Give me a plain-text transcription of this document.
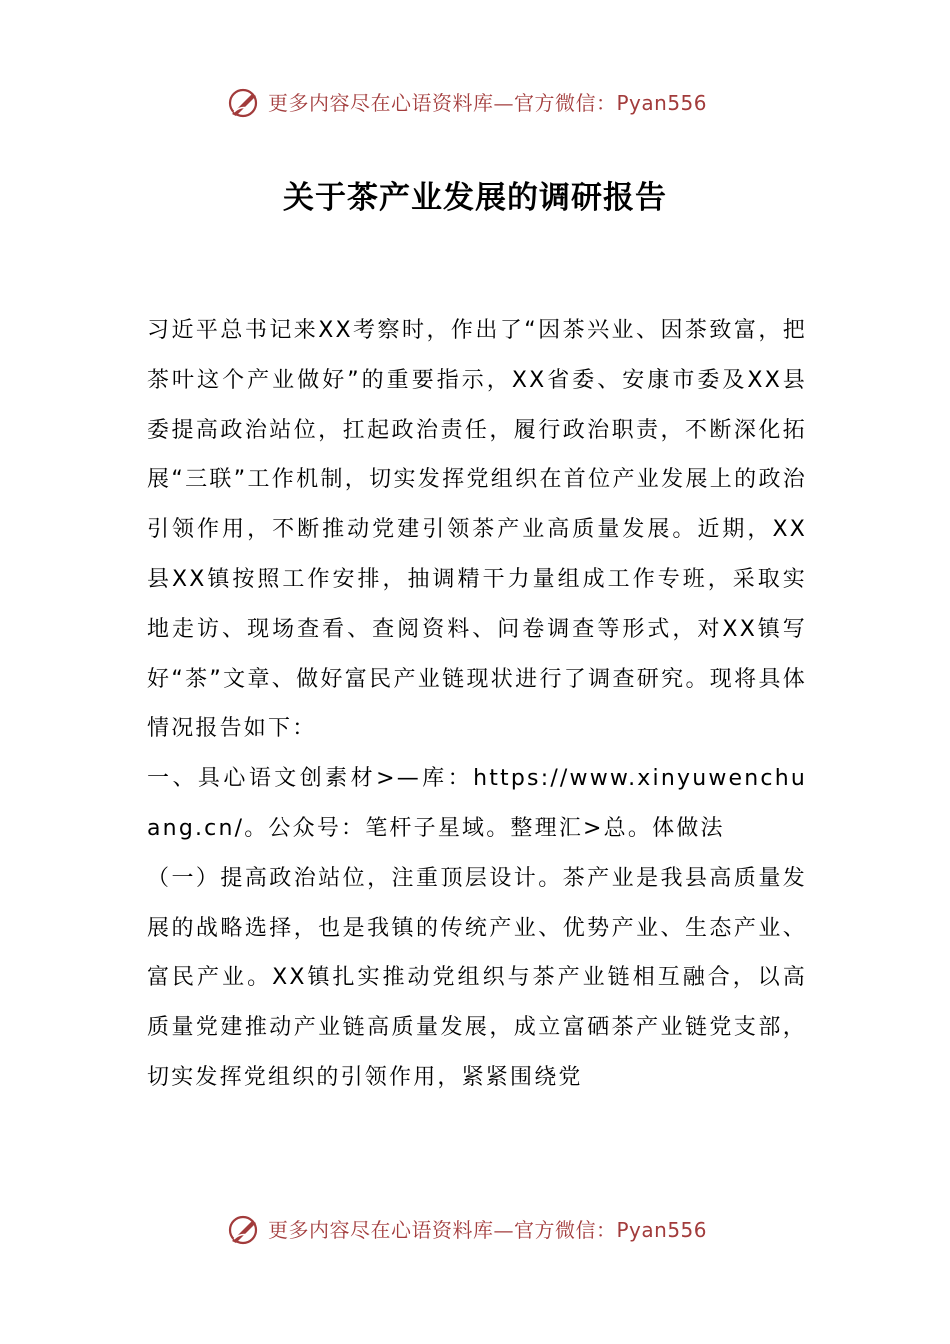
更多内容尽在心语资料库—官方微信：Pyan556
关于茶产业发展的调研报告

习近平总书记来XX考察时，作出了“因茶兴业、因茶致富，把茶叶这个产业做好”的重要指示，XX省委、安康市委及XX县委提高政治站位，扛起政治责任，履行政治职责，不断深化拓展“三联”工作机制，切实发挥党组织在首位产业发展上的政治引领作用，不断推动党建引领茶产业高质量发展。近期，XX县XX镇按照工作安排，抽调精干力量组成工作专班，采取实地走访、现场查看、查阅资料、问卷调查等形式，对XX镇写好“茶”文章、做好富民产业链现状进行了调查研究。现将具体情况报告如下：

一、具心语文创素材>—库：https://www.xinyuwenchuang.cn/。公众号：笔杆子星域。整理汇>总。体做法

（一）提高政治站位，注重顶层设计。茶产业是我县高质量发展的战略选择，也是我镇的传统产业、优势产业、生态产业、富民产业。XX镇扎实推动党组织与茶产业链相互融合，以高质量党建推动产业链高质量发展，成立富硒茶产业链党支部，切实发挥党组织的引领作用，紧紧围绕党

更多内容尽在心语资料库—官方微信：Pyan556
